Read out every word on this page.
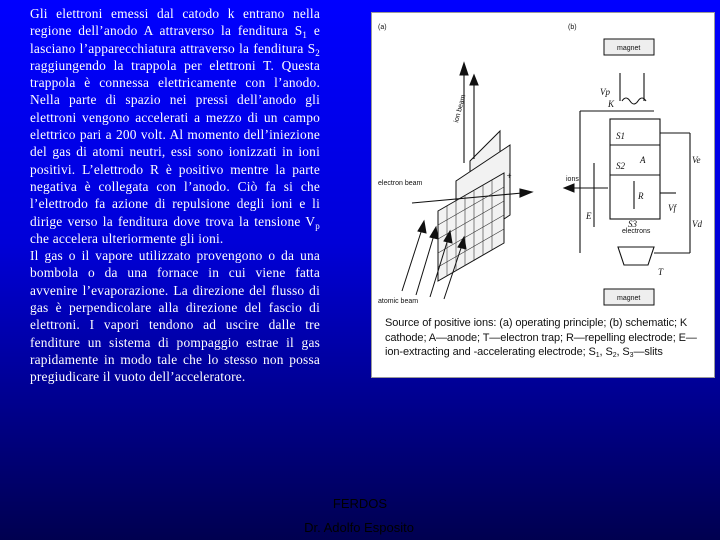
Gli elettroni emessi dal catodo k entrano nella regione dell’anodo A attraverso la fenditura $S_1$ e lasciano l’apparecchiatura attraverso la fenditura $S_2$ raggiungendo la trappola per elettroni T. Questa trappola è connessa elettricamente con l’anodo. Nella parte di spazio nei pressi dell’anodo gli elettroni vengono accelerati a mezzo di un campo elettrico pari a 200 volt. Al momento dell’iniezione del gas di atomi neutri, essi sono ionizzati in ioni positivi. L’elettrodo R è positivo mentre la parte negativa è collegata con l’anodo. Ciò fa si che l’elettrodo fa azione di repulsione degli ioni e li dirige verso la fenditura dove trova la tensione $V_p$ che accelera ulteriormente gli ioni.

Il gas o il vapore utilizzato provengono o da una bombola o da una fornace in cui viene fatta avvenire l’evaporazione. La direzione del flusso di gas è perpendicolare alla direzione del fascio di elettroni. I vapori tendono ad uscire dalle tre fenditure un sistema di pompaggio estrae il gas rapidamente in modo tale che lo stesso non possa pregiudicare il vuoto dell’acceleratore.

(a)	(b)
ion beam
electron beam
atomic beam
+
magnet
magnet
ions
electrons
K
S1
S2
S3
A
R
E
T
Vp
Ve
Vf
Vd
Source of positive ions: (a) operating principle; (b) schematic; K cathode; A—anode; T—electron trap; R—repelling electrode; E—ion-extracting and -accelerating electrode; $S_1$, $S_2$, $S_3—slits$
FERDOS
Dr. Adolfo Esposito
